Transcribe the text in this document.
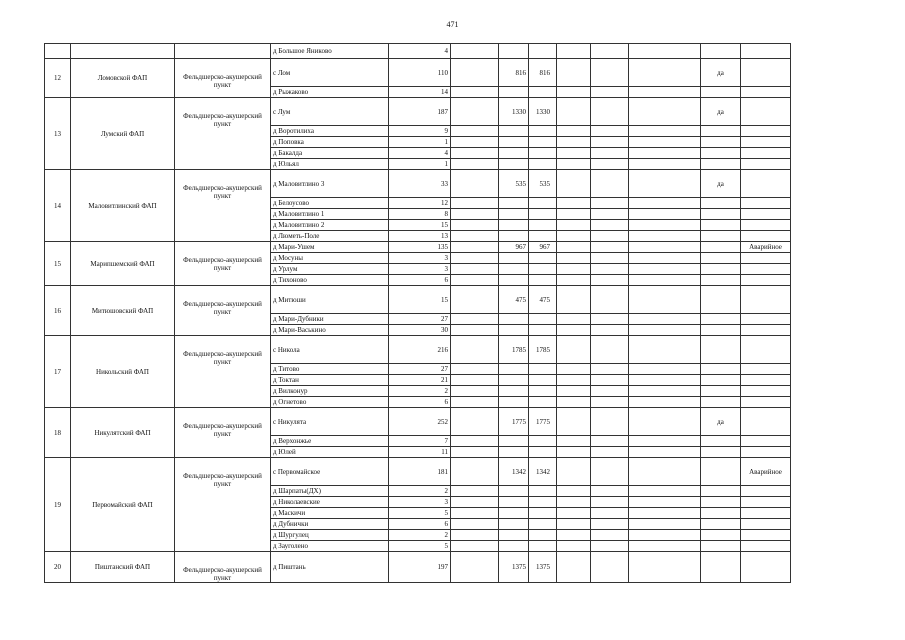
471
			д Большое Яниково	4								
12	Ломовской ФАП	Фельдшерско-акушерский пункт	с Лом	110		816	816				да	
			д Рыжаково	14								
13	Лумский ФАП	Фельдшерско-акушерский пункт	с Лум	187		1330	1330				да	
			д Воротилиха	9								
			д Поповка	1								
			д Бакалда	4								
			д Юльял	1								
14	Маловитлинский ФАП	Фельдшерско-акушерский пункт	д Маловитлино 3	33		535	535				да	
			д Белоусово	12								
			д Маловитлино 1	8								
			д Маловитлино 2	15								
			д Люметь-Поле	13								
15	Марипшемский ФАП	Фельдшерско-акушерский пункт	д Мари-Ушем	135		967	967					Аварийное
			д Мосуны	3								
			д Урлум	3								
			д Тихоново	6								
16	Митюшовский ФАП	Фельдшерско-акушерский пункт	д Митюши	15		475	475					
			д Мари-Дубники	27								
			д Мари-Васькино	30								
17	Никольский ФАП	Фельдшерско-акушерский пункт	с Никола	216		1785	1785					
			д Титово	27								
			д Токтан	21								
			д Вилконур	2								
			д Огнетово	6								
18	Никулятский ФАП	Фельдшерско-акушерский пункт	с Никулята	252		1775	1775				да	
			д Верхонжье	7								
			д Юлей	11								
19	Первомайский ФАП	Фельдшерско-акушерский пункт	с Первомайское	181		1342	1342					Аварийное
			д Шарпаты(ДХ)	2								
			д Николаевские	3								
			д Маскичи	5								
			д Дубнички	6								
			д Шургулец	2								
			д Зауголено	5								
20	Пиштанский ФАП	Фельдшерско-акушерский пункт	д Пиштань	197		1375	1375					
